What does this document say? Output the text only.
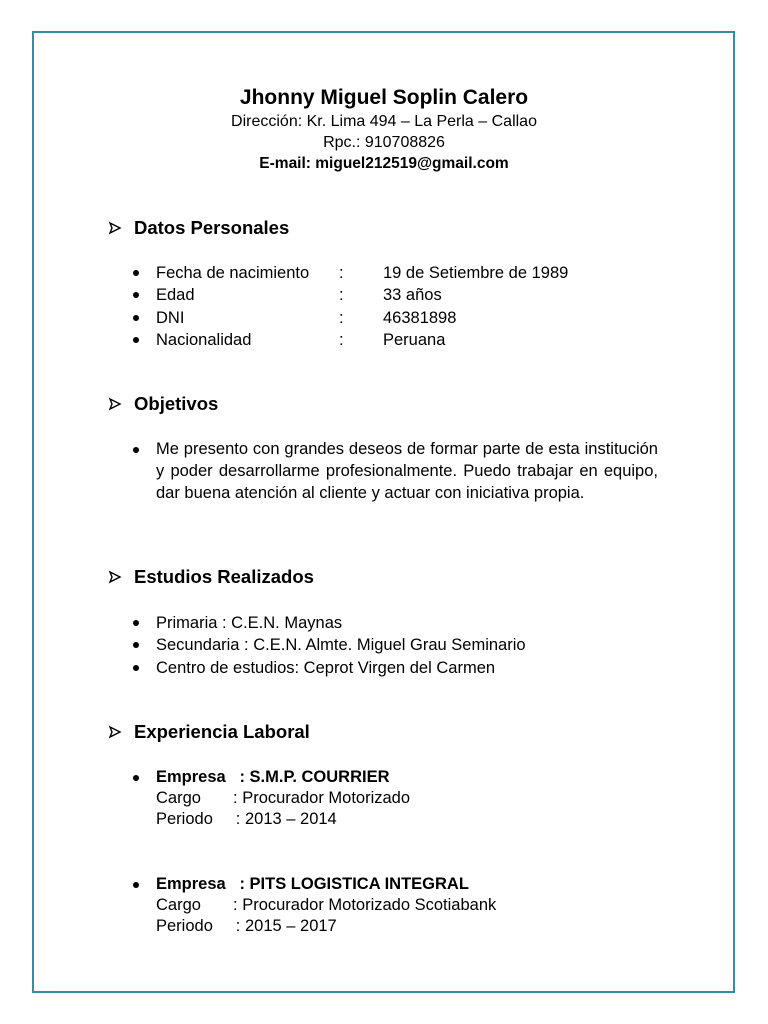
Jhonny Miguel Soplin Calero
Dirección: Kr. Lima 494 – La Perla – Callao
Rpc.: 910708826
E-mail: miguel212519@gmail.com
Datos Personales
Fecha de nacimiento : 19 de Setiembre de 1989
Edad	: 33 años
DNI	: 46381898
Nacionalidad	: Peruana
Objetivos
Me presento con grandes deseos de formar parte de esta institución y poder desarrollarme profesionalmente. Puedo trabajar en equipo, dar buena atención al cliente y actuar con iniciativa propia.
Estudios Realizados
Primaria : C.E.N. Maynas
Secundaria : C.E.N. Almte. Miguel Grau Seminario
Centro de estudios: Ceprot Virgen del Carmen
Experiencia Laboral
Empresa   : S.M.P. COURRIER
Cargo       : Procurador Motorizado
Periodo     : 2013 – 2014
Empresa   : PITS LOGISTICA INTEGRAL
Cargo       : Procurador Motorizado Scotiabank
Periodo     : 2015 – 2017
